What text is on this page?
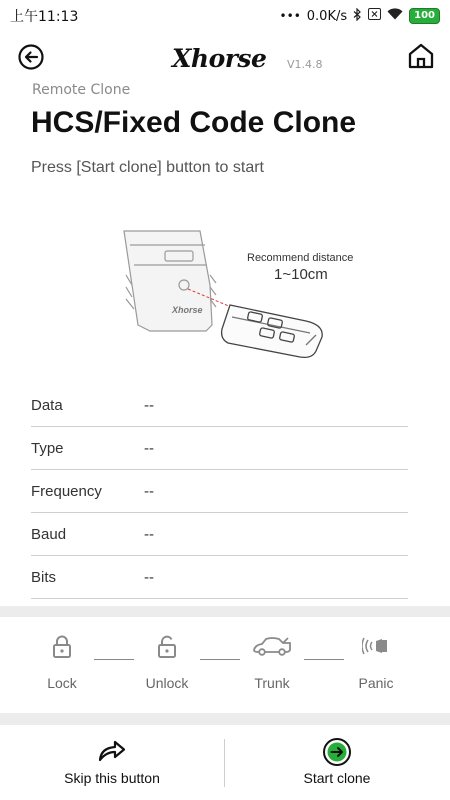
上午11:13	••• 0.0K/s	100
Xhorse V1.4.8
Remote Clone
HCS/Fixed Code Clone
Press [Start clone] button to start
Xhorse
Recommend distance
1~10cm
Data	--
Type	--
Frequency	--
Baud	--
Bits	--
Lock	Unlock	Trunk	Panic
Skip this button	Start clone
